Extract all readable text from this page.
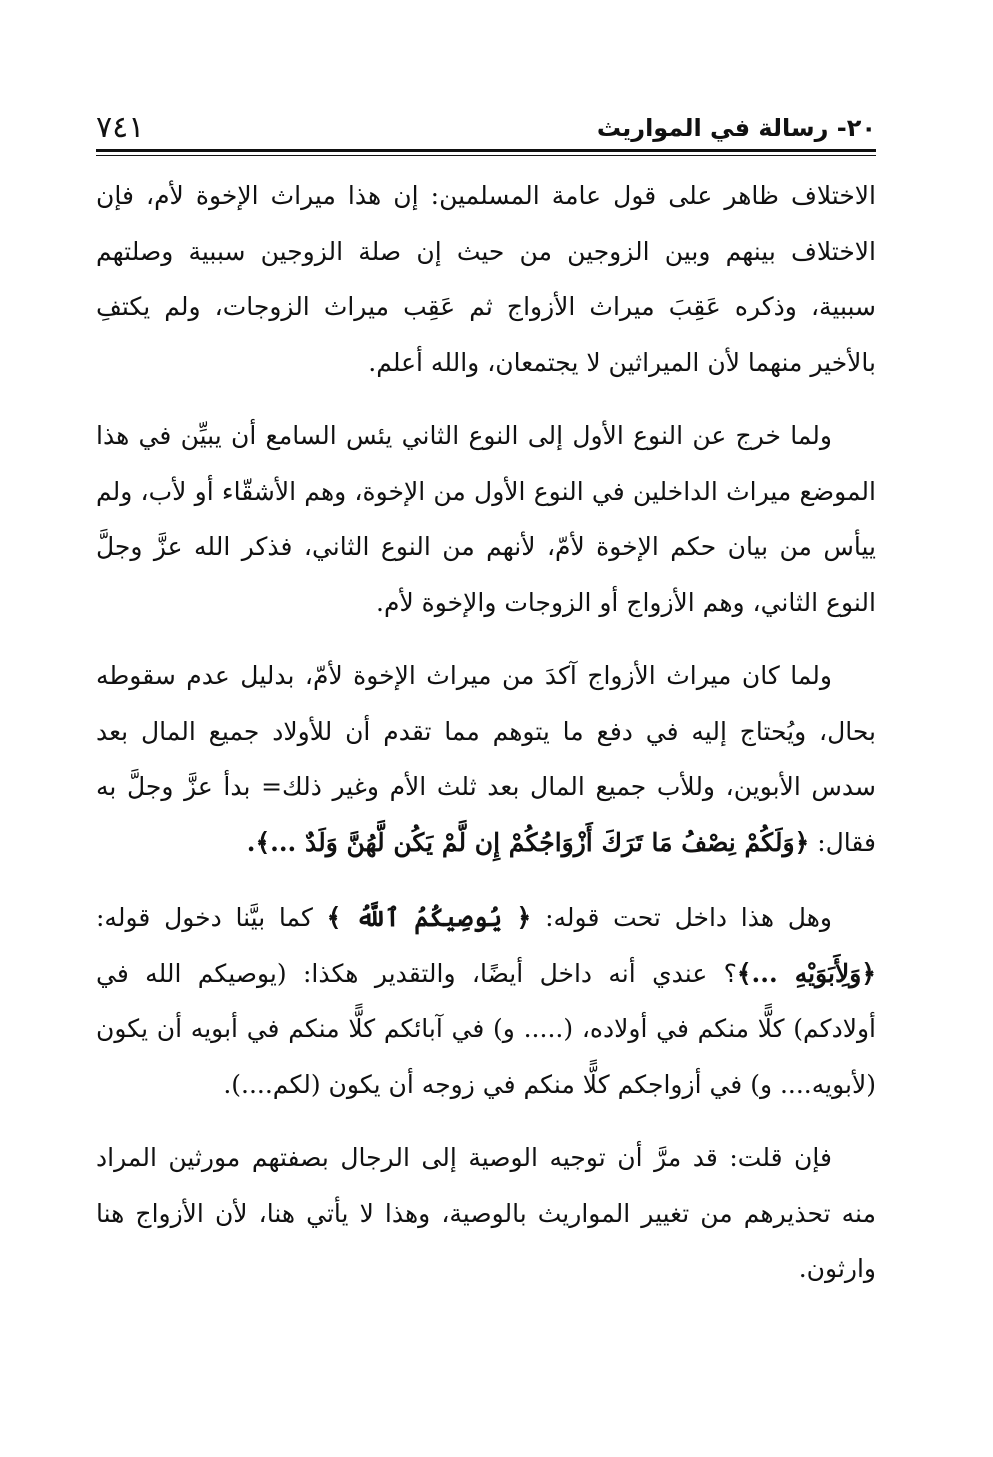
٢٠- رسالة في المواريث
٧٤١

الاختلاف ظاهر على قول عامة المسلمين: إن هذا ميراث الإخوة لأم، فإن الاختلاف بينهم وبين الزوجين من حيث إن صلة الزوجين سببية وصلتهم سببية، وذكره عَقِبَ ميراث الأزواج ثم عَقِب ميراث الزوجات، ولم يكتفِ بالأخير منهما لأن الميراثين لا يجتمعان، والله أعلم.

ولما خرج عن النوع الأول إلى النوع الثاني يئس السامع أن يبيِّن في هذا الموضع ميراث الداخلين في النوع الأول من الإخوة، وهم الأشقّاء أو لأب، ولم ييأس من بيان حكم الإخوة لأمّ، لأنهم من النوع الثاني، فذكر الله عزَّ وجلَّ النوع الثاني، وهم الأزواج أو الزوجات والإخوة لأم.

ولما كان ميراث الأزواج آكدَ من ميراث الإخوة لأمّ، بدليل عدم سقوطه بحال، ويُحتاج إليه في دفع ما يتوهم مما تقدم أن للأولاد جميع المال بعد سدس الأبوين، وللأب جميع المال بعد ثلث الأم وغير ذلك= بدأ عزَّ وجلَّ به فقال: ﴿وَلَكُمْ نِصْفُ مَا تَرَكَ أَزْوَاجُكُمْ إِن لَّمْ يَكُن لَّهُنَّ وَلَدٌ ...﴾.

وهل هذا داخل تحت قوله: ﴿ يُوصِيكُمُ ٱللَّهُ ﴾ كما بيَّنا دخول قوله: ﴿وَلِأَبَوَيْهِ ...﴾؟ عندي أنه داخل أيضًا، والتقدير هكذا: (يوصيكم الله في أولادكم) كلًّا منكم في أولاده، (..... و) في آبائكم كلًّا منكم في أبويه أن يكون (لأبويه.... و) في أزواجكم كلًّا منكم في زوجه أن يكون (لكم....).

فإن قلت: قد مرَّ أن توجيه الوصية إلى الرجال بصفتهم مورثين المراد منه تحذيرهم من تغيير المواريث بالوصية، وهذا لا يأتي هنا، لأن الأزواج هنا وارثون.
